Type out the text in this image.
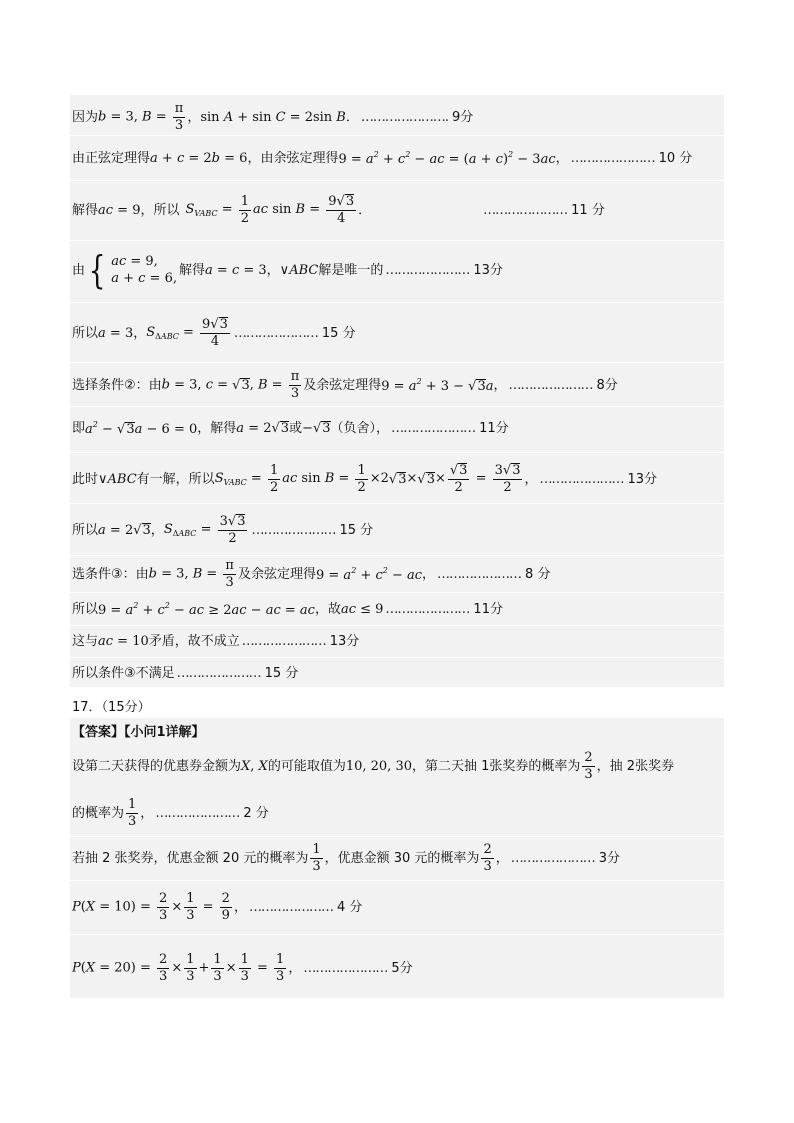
因为 b = 3, $B = \frac{\pi}{3}$ ， sin A + sin C = 2sin B ． …………………. 9分
由正弦定理得 a + c = 2b = 6 ，由余弦定理得 $9 = a^2 + c^2$ − ac = $(a + c)^2 - 3ac$ ， ………………… 10 分
解得 ac = 9 ，所以 $S_{VABC} = \frac{1}{2}$ ac $\sin B = \frac{9 √ 3}{4}$ ．	………………… 11 分
由 { ac = 9,
a + c = 6,
解得 a = c = 3 ， ∨ABC 解是唯一的 ………………… 13分
所以 a = 3 ， $S_{\Delta ABC} = \frac{9 √ 3}{4}$ ………………… 15 分
选择条件②：由 b = 3, c = √ 3 , $B = \frac{\pi}{3}$ 及余弦定理得 $9 = a^2 + 3$ − √ 3 a ， ………………… 8分
即 $a^2$ − √ 3 a − 6 = 0 ，解得 a = 2 √ 3 或 − √ 3 （负舍）， ………………… 11分
此时 ∨ABC 有一解，所以 $S_{VABC} = \frac{1}{2}$ ac $\sin B = \frac{1}{2} \times 2$ √ 3 × √ $3 \times \frac{√ 3}{2} = \frac{3 √ 3}{2}$ ， ………………… 13分
所以 a = 2 √ 3 ， $S_{\Delta ABC} = \frac{3 √ 3}{2}$ ………………… 15 分
选条件③：由 b = 3, $B = \frac{\pi}{3}$ 及余弦定理得 $9 = a^2 + c^2$ − ac ， ………………… 8 分
所以 $9 = a^2 + c^2$ − ac ≥ 2ac − ac = ac ，故 ac ≤ 9 ………………… 11分
这与 ac = 10 矛盾，故不成立 ………………… 13分
所以条件③不满足 ………………… 15 分
17．（15分）
【答案】【小问1详解】
设第二天获得的优惠券金额为 X, X 的可能取值为 10, 20, 30 ，第二天抽 1张奖券的概率为 $\frac{2}{3}$ ，抽 2张奖券
的概率为 $\frac{1}{3}$ ， ………………… 2 分
若抽 2 张奖券，优惠金额 20 元的概率为 $\frac{1}{3}$ ，优惠金额 30 元的概率为 $\frac{2}{3}$ ， ………………… 3分
$P(X = 10) = \frac{2}{3} \times \frac{1}{3} = \frac{2}{9}$ ， ………………… 4 分
$P(X = 20) = \frac{2}{3} \times \frac{1}{3} + \frac{1}{3} \times \frac{1}{3} = \frac{1}{3}$ ， ………………… 5分
